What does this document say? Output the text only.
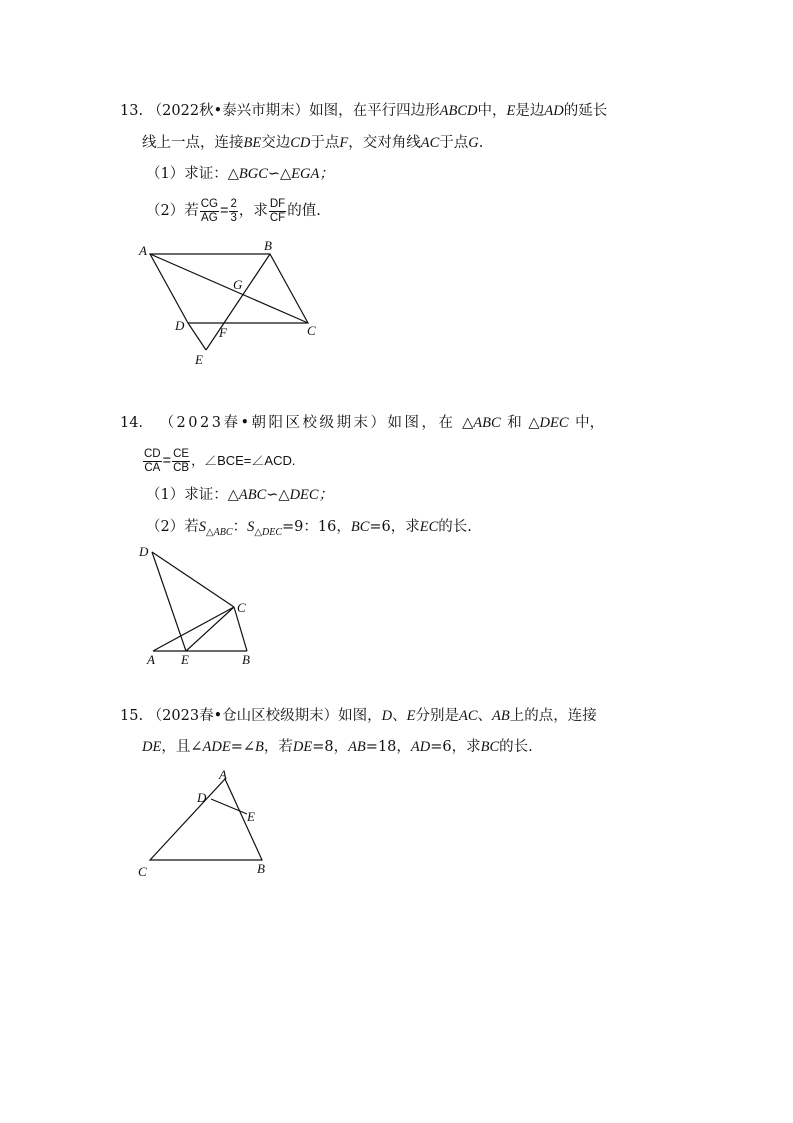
13. （2022秋•泰兴市期末）如图，在平行四边形ABCD中，E是边AD的延长
线上一点，连接BE交边CD于点F，交对角线AC于点G.
（1）求证：△BGC∽△EGA；
（2）若 $\frac{CG}{AG} = \frac{2}{3}$ ，求 $\frac{DF}{CF}$ 的值.
A	B
G
D	F	C
E
14． （2023春•朝阳区校级期末）如图，在 △ABC 和 △DEC 中，
$\frac{CD}{CA} = \frac{CE}{CB}$ ，∠BCE=∠ACD.
（1）求证：△ABC∽△DEC；
（2）若$S_{\triangle ABC}$：$S_{\triangle DEC}=9$：16，BC=6，求EC的长.
D
C
A E	B
15. （2023春•仓山区校级期末）如图，D、E分别是AC、AB上的点，连接
DE，且∠ADE=∠B，若DE=8，AB=18，AD=6，求BC的长.
A
D
E
C	B
